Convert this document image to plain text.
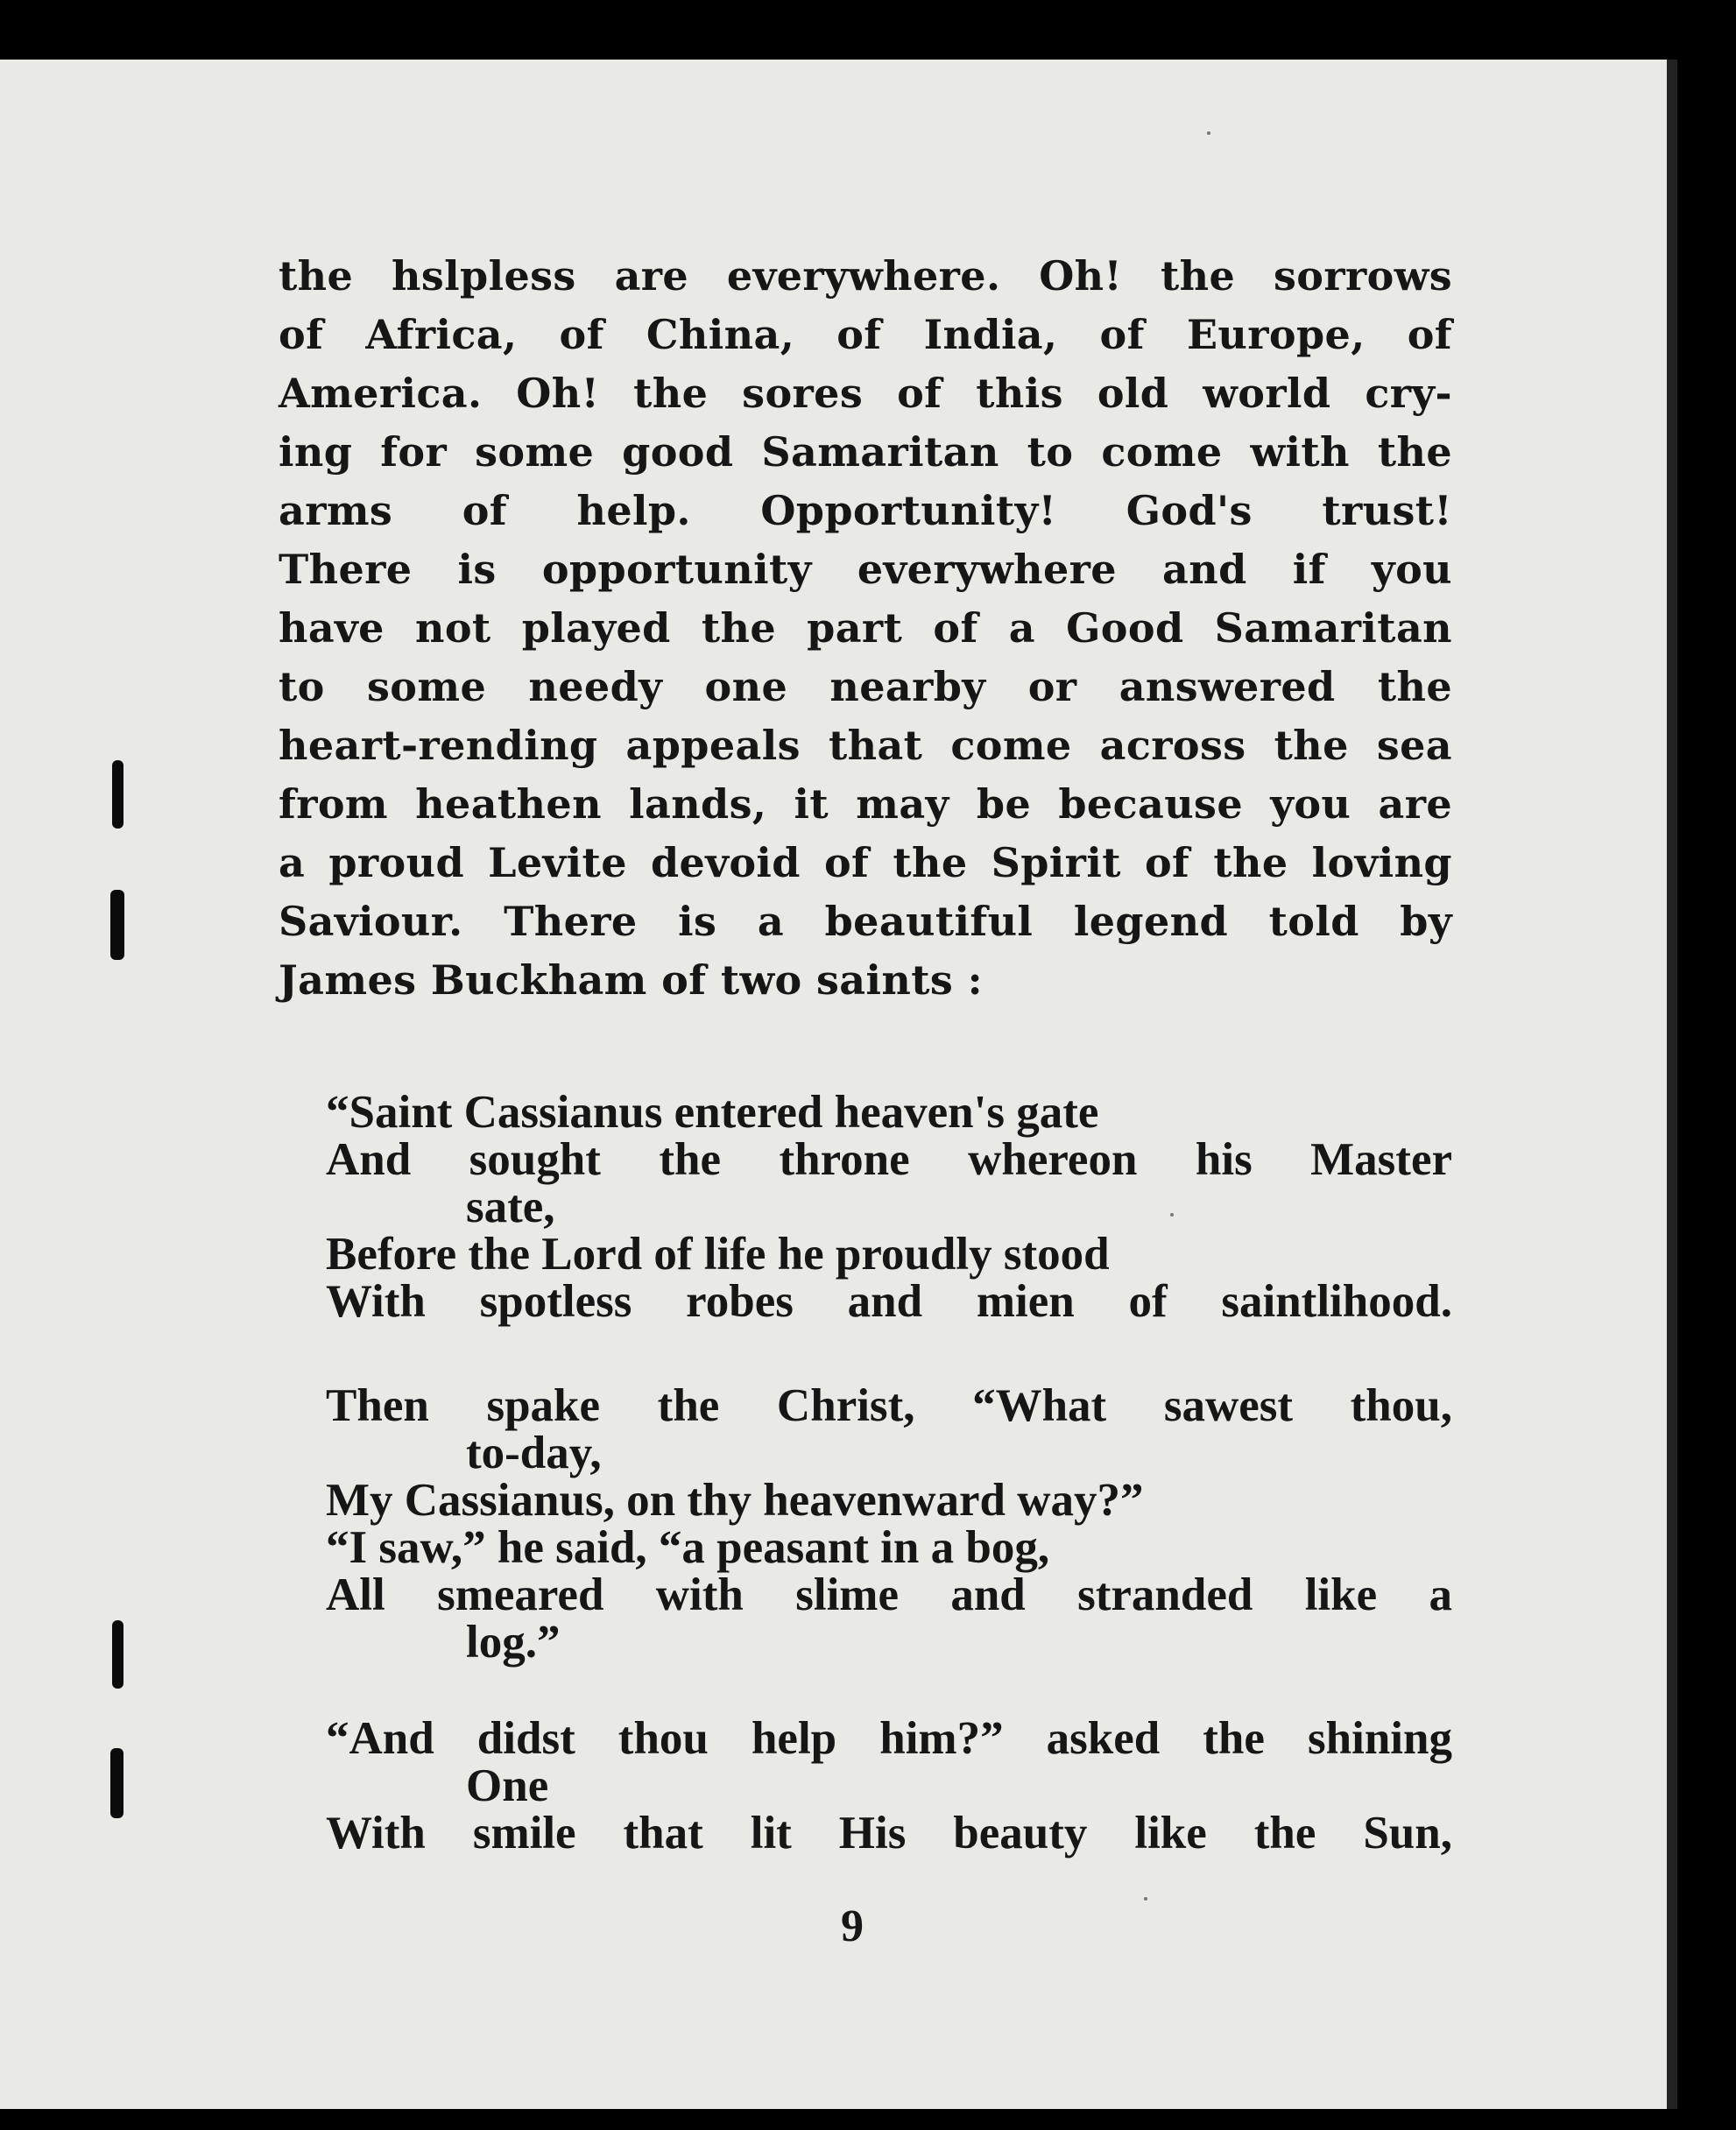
the hslpless are everywhere. Oh! the sorrows
of Africa, of China, of India, of Europe, of
America. Oh! the sores of this old world cry-
ing for some good Samaritan to come with the
arms of help. Opportunity! God's trust!
There is opportunity everywhere and if you
have not played the part of a Good Samaritan
to some needy one nearby or answered the
heart-rending appeals that come across the sea
from heathen lands, it may be because you are
a proud Levite devoid of the Spirit of the loving
Saviour. There is a beautiful legend told by
James Buckham of two saints :
“Saint Cassianus entered heaven's gate
And sought the throne whereon his Master
sate,
Before the Lord of life he proudly stood
With spotless robes and mien of saintlihood.
Then spake the Christ, “What sawest thou,
to-day,
My Cassianus, on thy heavenward way?”
“I saw,” he said, “a peasant in a bog,
All smeared with slime and stranded like a
log.”
“And didst thou help him?” asked the shining
One
With smile that lit His beauty like the Sun,
9
